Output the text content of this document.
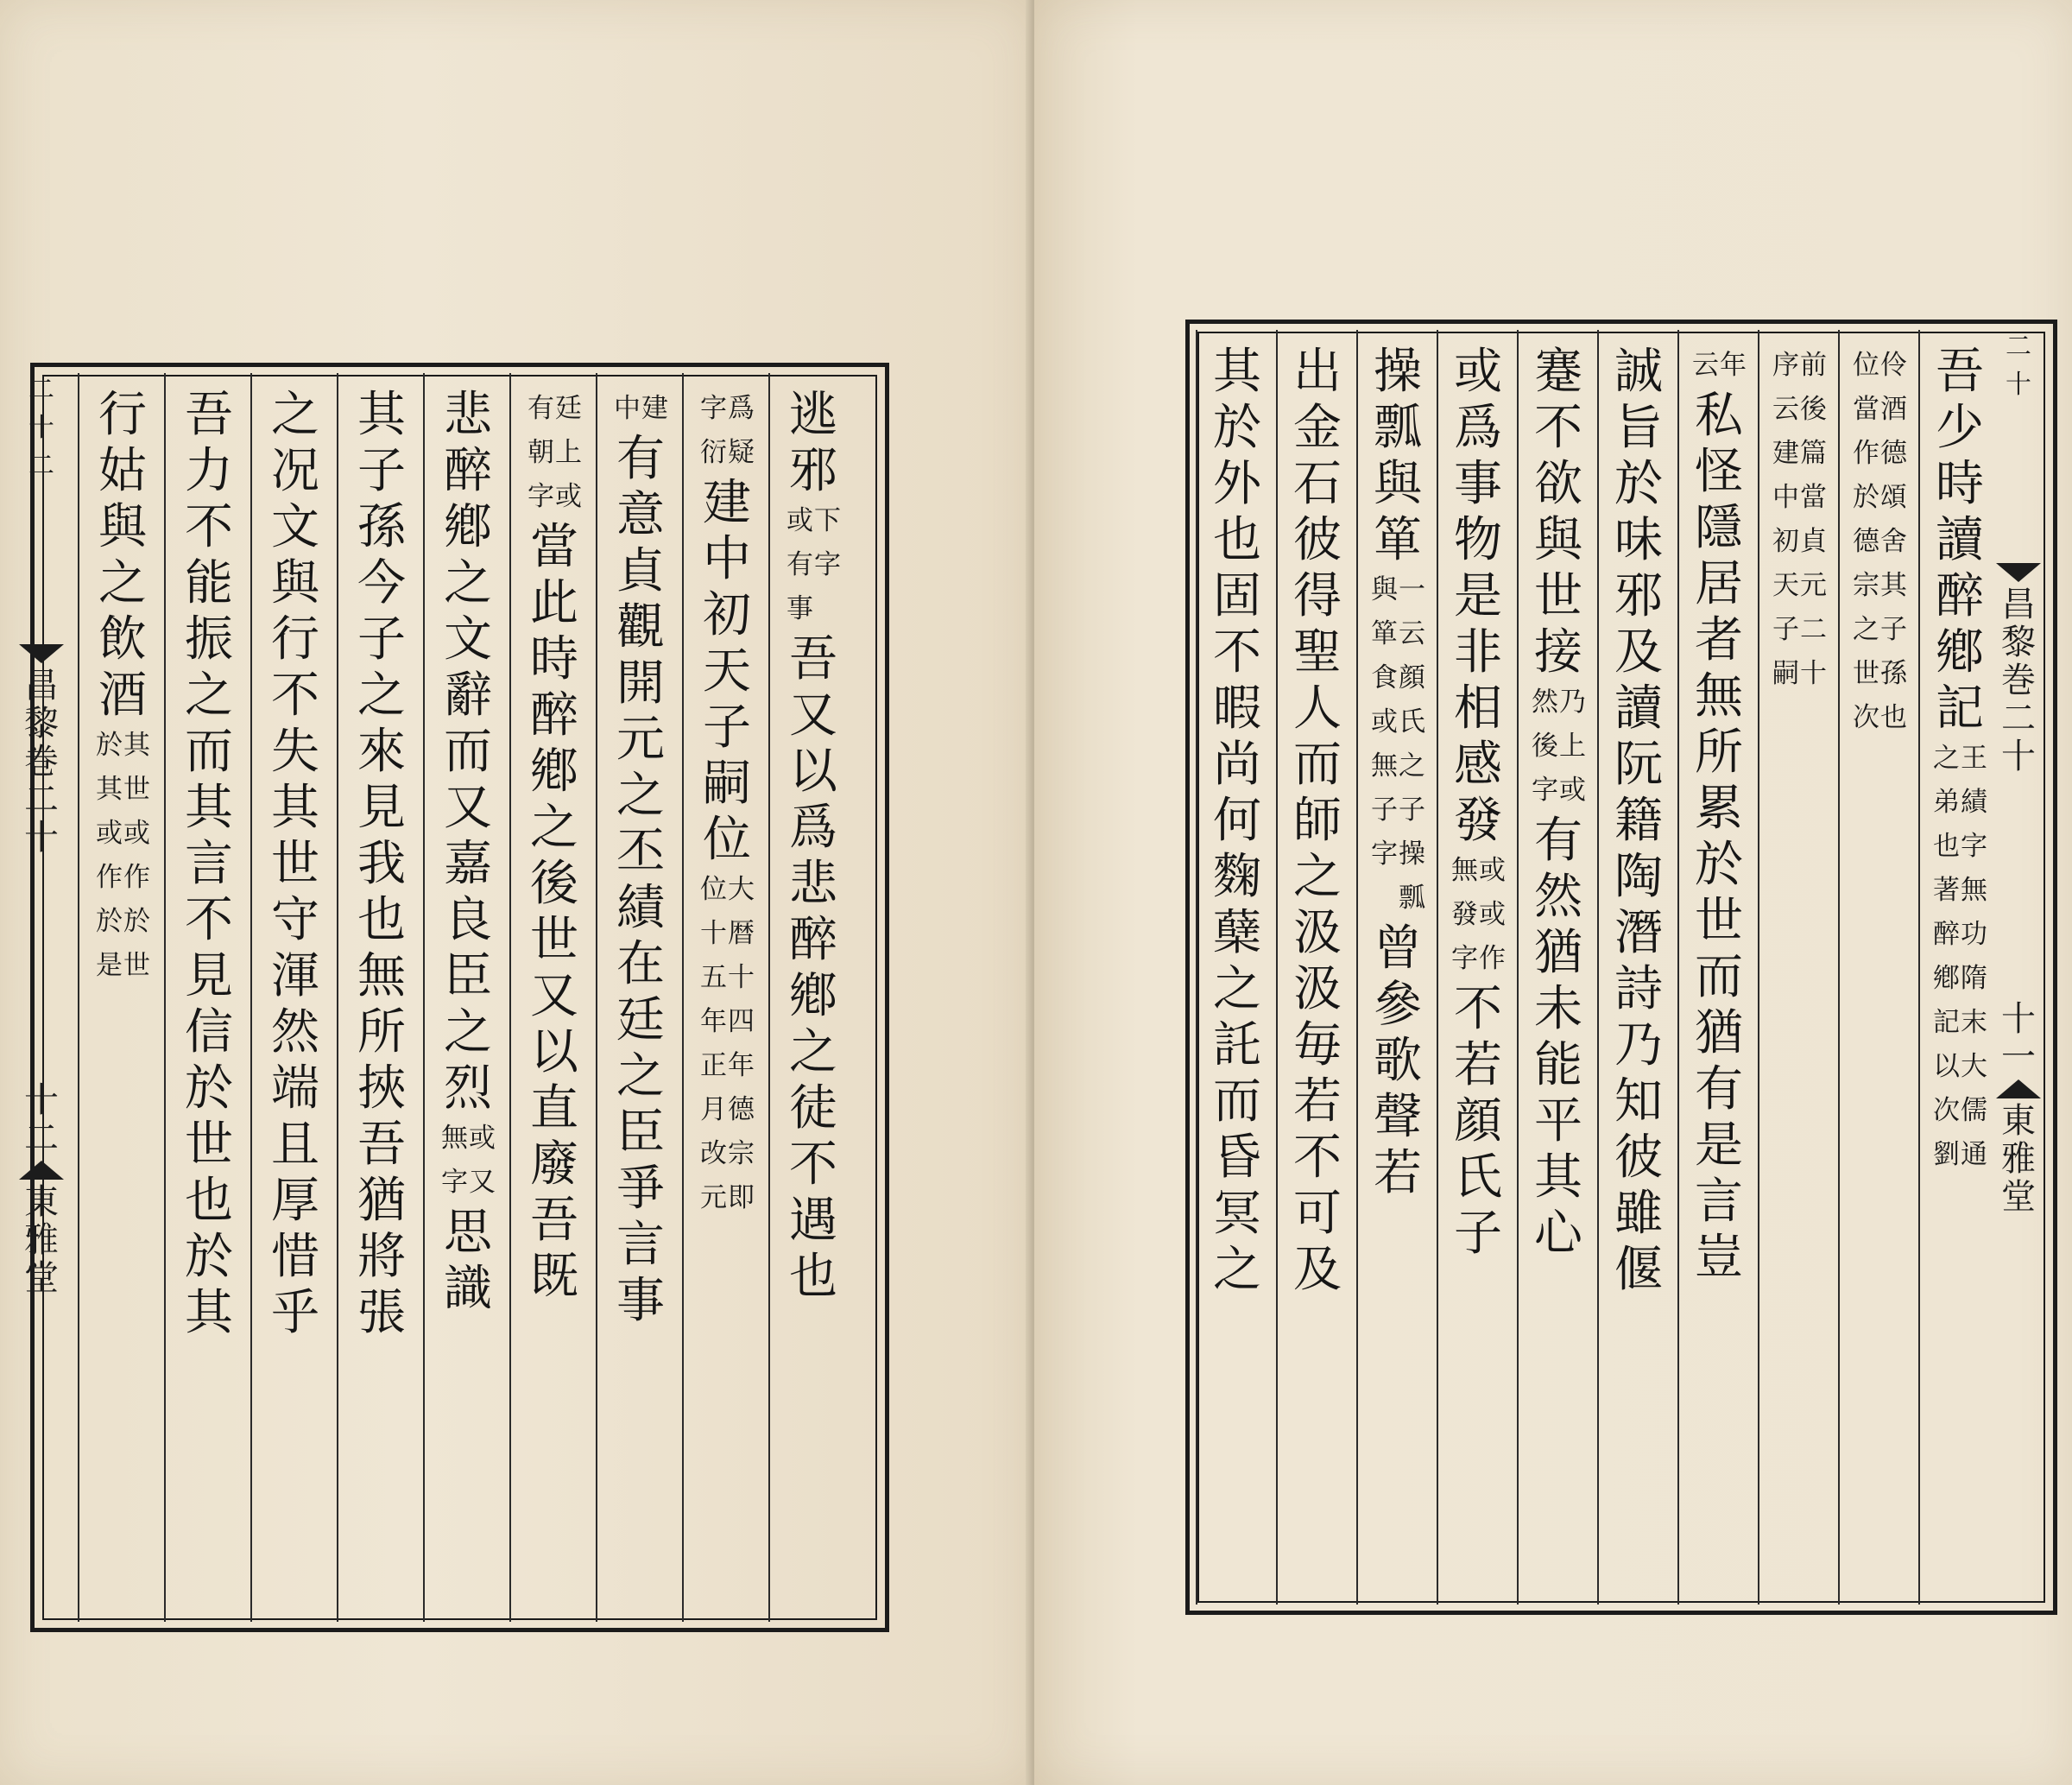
二
十
二
昌
黎
巻
二
十
十
二
東
雅
堂
逃
邪
下
字
或
有
事
吾
又
以
爲
悲
醉
鄕
之
徒
不
遇
也
爲
疑
字
衍
建
中
初
天
子
嗣
位
大
暦
十
四
年
德
宗
即
位
十
五
年
正
月
改
元
建
中
有
意
貞
觀
開
元
之
丕
績
在
廷
之
臣
爭
言
事
廷
上
或
有
朝
字
當
此
時
醉
鄕
之
後
世
又
以
直
廢
吾
既
悲
醉
鄕
之
文
辭
而
又
嘉
良
臣
之
烈
或
又
無
字
思
識
其
子
孫
今
子
之
來
見
我
也
無
所
挾
吾
猶
將
張
之
况
文
與
行
不
失
其
世
守
渾
然
端
且
厚
惜
乎
吾
力
不
能
振
之
而
其
言
不
見
信
於
世
也
於
其
行
姑
與
之
飲
酒
其
世
或
作
於
世
於
其
或
作
於
是
二
十
昌
黎
巻
二
十
十
一
東
雅
堂
吾
少
時
讀
醉
鄕
記
王
績
字
無
功
隋
末
大
儒
通
之
弟
也
著
醉
鄕
記
以
次
劉
伶
酒
德
頌
舍
其
子
孫
也
位
當
作
於
德
宗
之
世
次
前
後
篇
當
貞
元
二
十
序
云
建
中
初
天
子
嗣
年
云
私
怪
隱
居
者
無
所
累
於
世
而
猶
有
是
言
豈
誠
旨
於
味
邪
及
讀
阮
籍
陶
潛
詩
乃
知
彼
雖
偃
蹇
不
欲
與
世
接
乃
上
或
然
後
字
有
然
猶
未
能
平
其
心
或
爲
事
物
是
非
相
感
發
或
或
作
無
發
字
不
若
顔
氏
子
操
瓢
與
箪
一
云
顔
氏
之
子
操
瓢
與
箪
食
或
無
子
字
曾
參
歌
聲
若
出
金
石
彼
得
聖
人
而
師
之
汲
汲
毎
若
不
可
及
其
於
外
也
固
不
暇
尚
何
麴
蘖
之
託
而
昏
冥
之
